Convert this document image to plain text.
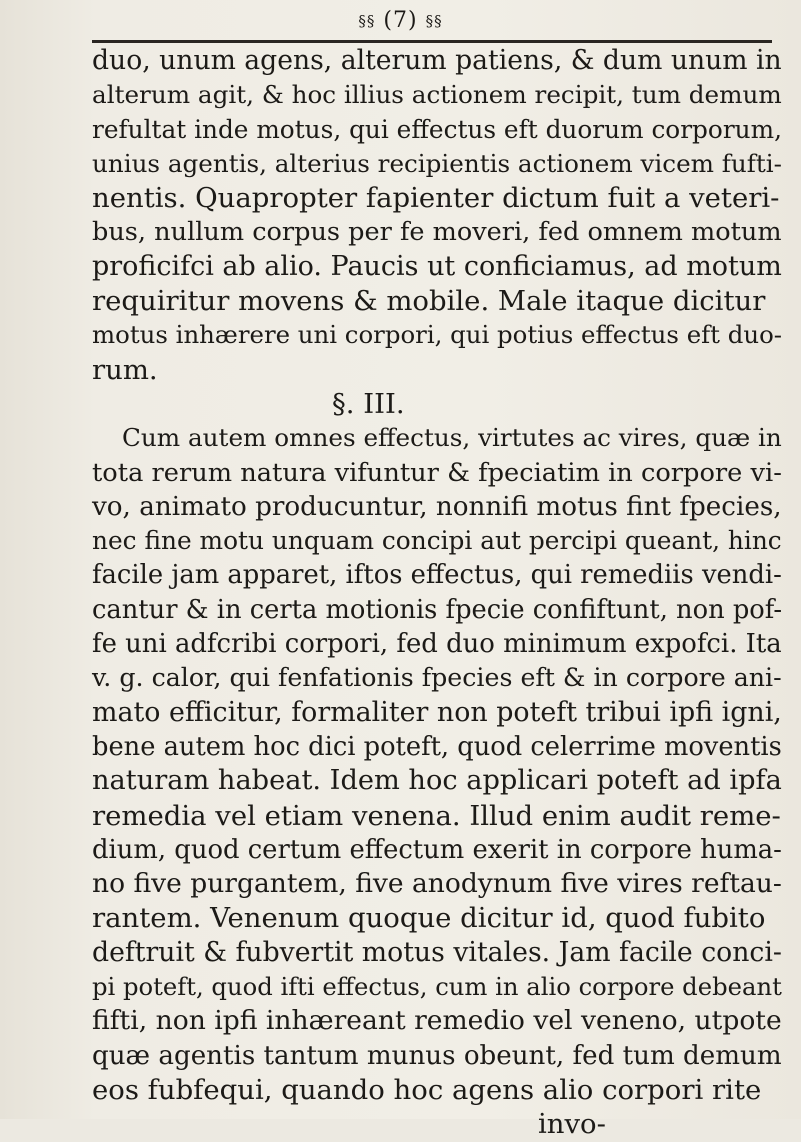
§§ (7) §§
duo, unum agens, alterum patiens, & dum unum in
alterum agit, & hoc illius actionem recipit, tum demum
refultat inde motus, qui effectus eft duorum corporum,
unius agentis, alterius recipientis actionem vicem fufti-
nentis. Quapropter fapienter dictum fuit a veteri-
bus, nullum corpus per fe moveri, fed omnem motum
proficifci ab alio. Paucis ut conficiamus, ad motum
requiritur movens & mobile. Male itaque dicitur
motus inhærere uni corpori, qui potius effectus eft duo-
rum.
§. III.
Cum autem omnes effectus, virtutes ac vires, quæ in
tota rerum natura vifuntur & fpeciatim in corpore vi-
vo, animato producuntur, nonnifi motus fint fpecies,
nec fine motu unquam concipi aut percipi queant, hinc
facile jam apparet, iftos effectus, qui remediis vendi-
cantur & in certa motionis fpecie confiftunt, non pof-
fe uni adfcribi corpori, fed duo minimum expofci. Ita
v. g. calor, qui fenfationis fpecies eft & in corpore ani-
mato efficitur, formaliter non poteft tribui ipfi igni,
bene autem hoc dici poteft, quod celerrime moventis
naturam habeat. Idem hoc applicari poteft ad ipfa
remedia vel etiam venena. Illud enim audit reme-
dium, quod certum effectum exerit in corpore huma-
no five purgantem, five anodynum five vires reftau-
rantem. Venenum quoque dicitur id, quod fubito
deftruit & fubvertit motus vitales. Jam facile conci-
pi poteft, quod ifti effectus, cum in alio corpore debeant
fifti, non ipfi inhæreant remedio vel veneno, utpote
quæ agentis tantum munus obeunt, fed tum demum
eos fubfequi, quando hoc agens alio corpori rite
invo-
